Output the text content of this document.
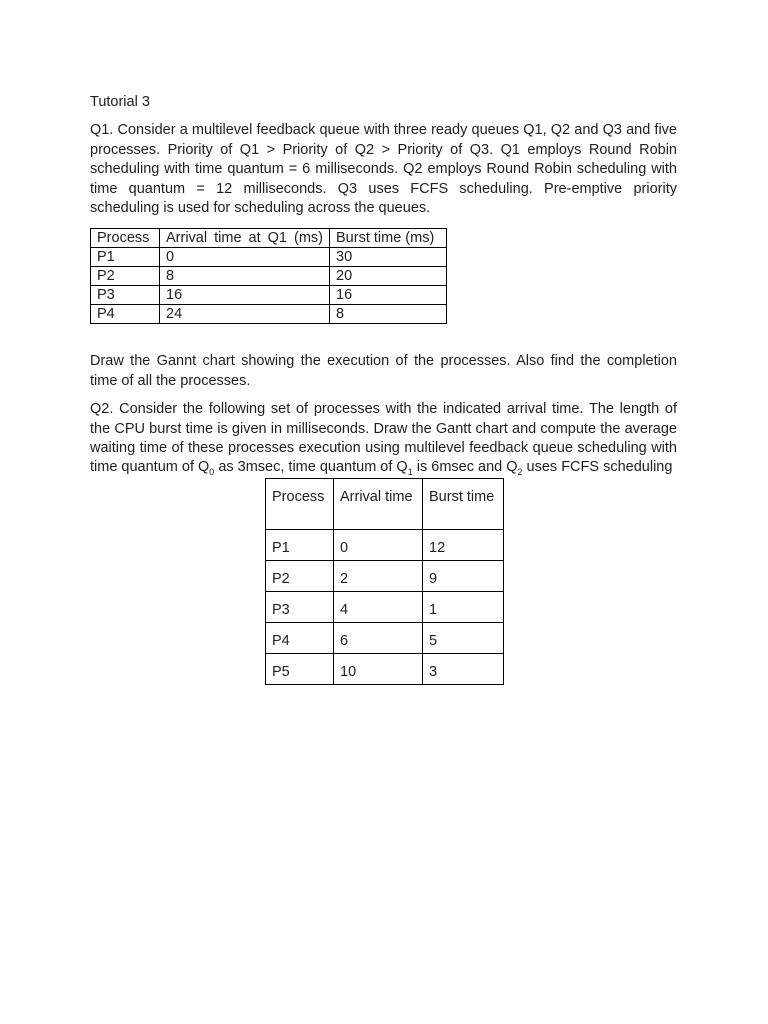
Tutorial 3

Q1. Consider a multilevel feedback queue with three ready queues Q1, Q2 and Q3 and five processes. Priority of Q1 > Priority of Q2 > Priority of Q3. Q1 employs Round Robin scheduling with time quantum = 6 milliseconds. Q2 employs Round Robin scheduling with time quantum = 12 milliseconds. Q3 uses FCFS scheduling. Pre-emptive priority scheduling is used for scheduling across the queues.

Process	Arrival time at Q1 (ms)	Burst time (ms)
P1	0	30
P2	8	20
P3	16	16
P4	24	8

Draw the Gannt chart showing the execution of the processes. Also find the completion time of all the processes.

Q2. Consider the following set of processes with the indicated arrival time. The length of the CPU burst time is given in milliseconds. Draw the Gantt chart and compute the average waiting time of these processes execution using multilevel feedback queue scheduling with time quantum of $Q_0$ as 3msec, time quantum of $Q_1$ is 6msec and $Q_2$ uses FCFS scheduling

Process	Arrival time	Burst time
P1	0	12
P2	2	9
P3	4	1
P4	6	5
P5	10	3
